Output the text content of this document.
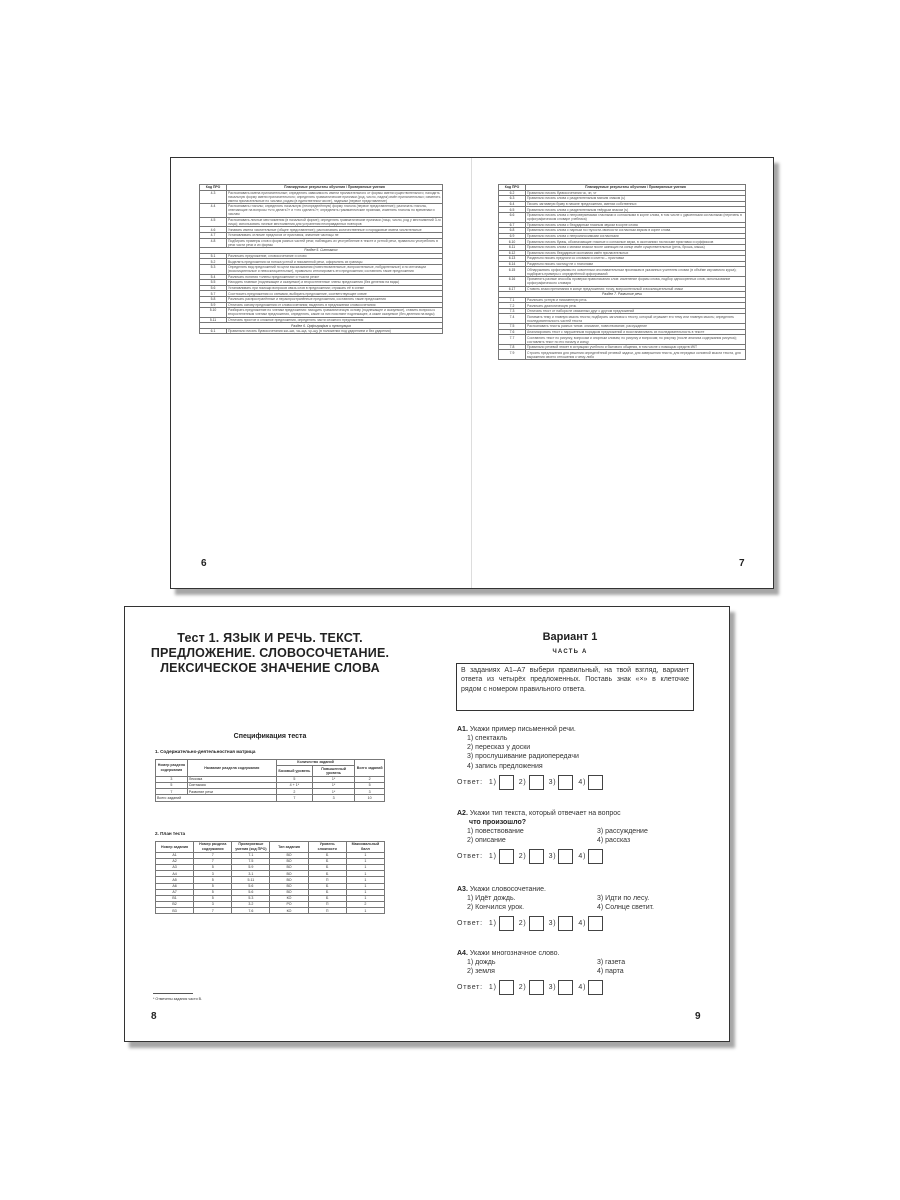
Код ПРО	Планируемые результаты обучения / Проверяемые умения
4.3	Распознавать имена прилагательные; определять зависимость имени прилагательного от формы имени существительного; находить начальную форму имени прилагательного; определять грамматические признаки (род, число, падеж) имён прилагательных; изменять имена прилагательные по числам, родам (в единственном числе), падежам (первое представление)
4.4	Распознавать глаголы; определять начальную (неопределённую) форму глагола (первое представление); различать глаголы, отвечающие на вопросы «что делать?» и «что сделать?»; определять грамматические признаки, изменять глаголы по временам и числам
4.5	Распознавать личные местоимения (в начальной форме); определять грамматические признаки (лицо, число, род у местоимений 3-го лица); использовать личные местоимения для устранения неоправданных повторов
4.6	Узнавать имена числительные (общее представление); распознавать количественные и порядковые имена числительные
4.7	Устанавливать отличие предлогов от приставок, значение частицы не
4.8	Подбирать примеры слов и форм разных частей речи; наблюдать их употребление в тексте и устной речи, правильно употреблять в речи части речи и их формы
Раздел 5. Синтаксис	
5.1	Различать предложение, словосочетание и слово
5.2	Выделять предложения из потока устной и письменной речи, оформлять их границы
5.3	Определять вид предложений по цели высказывания (повествовательные, вопросительные, побудительные) и по интонации (восклицательные и невосклицательные), правильно интонировать эти предложения; составлять такие предложения
5.4	Различать понятия «члены предложения» и «части речи»
5.5	Находить главные (подлежащее и сказуемое) и второстепенные члены предложения (без деления на виды)
5.6	Устанавливать при помощи вопросов связь слов в предложении; отражать её в схеме
5.7	Соотносить предложения со схемами, выбирать предложение, соответствующее схеме
5.8	Различать распространённые и нераспространённые предложения, составлять такие предложения
5.9	Отличать основу предложения от словосочетания; выделять в предложении словосочетания
5.10	Разбирать предложение по членам предложения: находить грамматическую основу (подлежащее и сказуемое), ставить вопросы к второстепенным членам предложения, определять, какие из них поясняют подлежащее, а какие сказуемое (без деления на виды)
5.11	Отличать простое и сложное предложения, определять части сложного предложения
Раздел 6. Орфография и пунктуация	
6.1	Правильно писать буквосочетания жи–ши, ча–ща, чу–щу (в положении под ударением и без ударения)
6
Код ПРО	Планируемые результаты обучения / Проверяемые умения
6.2	Правильно писать буквосочетания чк, чн, чт
6.3	Правильно писать слова с разделительным мягким знаком (ь)
6.4	Писать заглавную букву в начале предложения, именах собственных
6.5	Правильно писать слова с разделительным твёрдым знаком (ъ)
6.6	Правильно писать слова с непроверяемыми гласными и согласными в корне слова, в том числе с удвоенными согласными (перечень в орфографическом словаре учебника)
6.7	Правильно писать слова с безударным гласным звуком в корне слова
6.8	Правильно писать слова с парным по глухости-звонкости согласным звуком в корне слова
6.9	Правильно писать слова с непроизносимыми согласными
6.10	Правильно писать буквы, обозначающие гласные и согласные звуки, в окончаниях на письме приставок и суффиксов
6.11	Правильно писать слова с мягким знаком после шипящих на конце имён существительных (речь, брошь, мышь)
6.12	Правильно писать безударные окончания имён прилагательных
6.13	Раздельно писать предлоги со словами и слитно – приставки
6.14	Раздельно писать частицу не с глаголами
6.15	Обнаруживать орфограммы по освоенным опознавательным признакам в указанных учителем словах (в объёме изучаемого курса); подбирать примеры с определённой орфограммой
6.16	Применять разные способы проверки правописания слов: изменение формы слова, подбор однокоренных слов, использование орфографического словаря
6.17	Ставить знаки препинания в конце предложения: точку, вопросительный и восклицательный знаки
Раздел 7. Развитие речи	
7.1	Различать устную и письменную речь
7.2	Различать диалогическую речь
7.3	Отличать текст от набора не связанных друг с другом предложений
7.4	Понимать тему и главную мысль текста; подбирать заголовок к тексту, который отражает его тему или главную мысль; определять последовательность частей текста
7.5	Распознавать тексты разных типов: описание, повествование, рассуждение
7.6	Анализировать текст с нарушенным порядком предложений и восстанавливать их последовательность в тексте
7.7	Составлять текст по рисунку, вопросам и опорным словам; по рисунку и вопросам; по рисунку (после анализа содержания рисунка); составлять текст по его началу и концу
7.8	Правильно речевой этикет в ситуациях учебного и бытового общения, в том числе с помощью средств ИКТ
7.9	Строить предложения для решения определённой речевой задачи, для завершения текста, для передачи основной мысли текста, для выражения своего отношения к чему-либо
7
Тест 1. ЯЗЫК И РЕЧЬ. ТЕКСТ.
ПРЕДЛОЖЕНИЕ. СЛОВОСОЧЕТАНИЕ.
ЛЕКСИЧЕСКОЕ ЗНАЧЕНИЕ СЛОВА
Спецификация теста
1. Содержательно-деятельностная матрица
Номер раздела содержания	Название раздела содержания	Количество заданий		Всего заданий
		Базовый уровень	Повышенный уровень	
3	Лексика	5	1*	2
5	Синтаксис	4 + 1*	1*	5
7	Развитие речи	2	1*	3
Всего заданий		7	3	10
2. План теста
Номер задания	Номер раздела содержания	Проверяемые умения (код ПРО)	Тип задания	Уровень сложности	Максимальный балл
А1	7	7.1	ВО	Б	1
А2	7	7.5	ВО	Б	1
А3	5	5.9	ВО	Б	1
А4	3	3.1	ВО	Б	1
А5	5	5.11	ВО	П	1
А6	5	5.6	ВО	Б	1
А7	5	5.6	ВО	Б	1
В1	5	5.3	КО	Б	1
В2	3	3.2	РО	П	2
В3	7	7.6	КО	П	1
* Отмечены задания части В.
8
Вариант 1
ЧАСТЬ А
В заданиях А1–А7 выбери правильный, на твой взгляд, вариант ответа из четырёх предложенных. Поставь знак «×» в клеточке рядом с номером правильного ответа.
А1. Укажи пример письменной речи.
1) спектакль
2) пересказ у доски
3) прослушивание радиопередачи
4) запись предложения
Ответ: 1)	2)	3)	4)
А2. Укажи тип текста, который отвечает на вопрос
что произошло?
1) повествование	3) рассуждение
2) описание	4) рассказ
Ответ: 1)	2)	3)	4)
А3. Укажи словосочетание.
1) Идёт дождь.	3) Идти по лесу.
2) Кончился урок.	4) Солнце светит.
Ответ: 1)	2)	3)	4)
А4. Укажи многозначное слово.
1) дождь	3) газета
2) земля	4) парта
Ответ: 1)	2)	3)	4)
9
